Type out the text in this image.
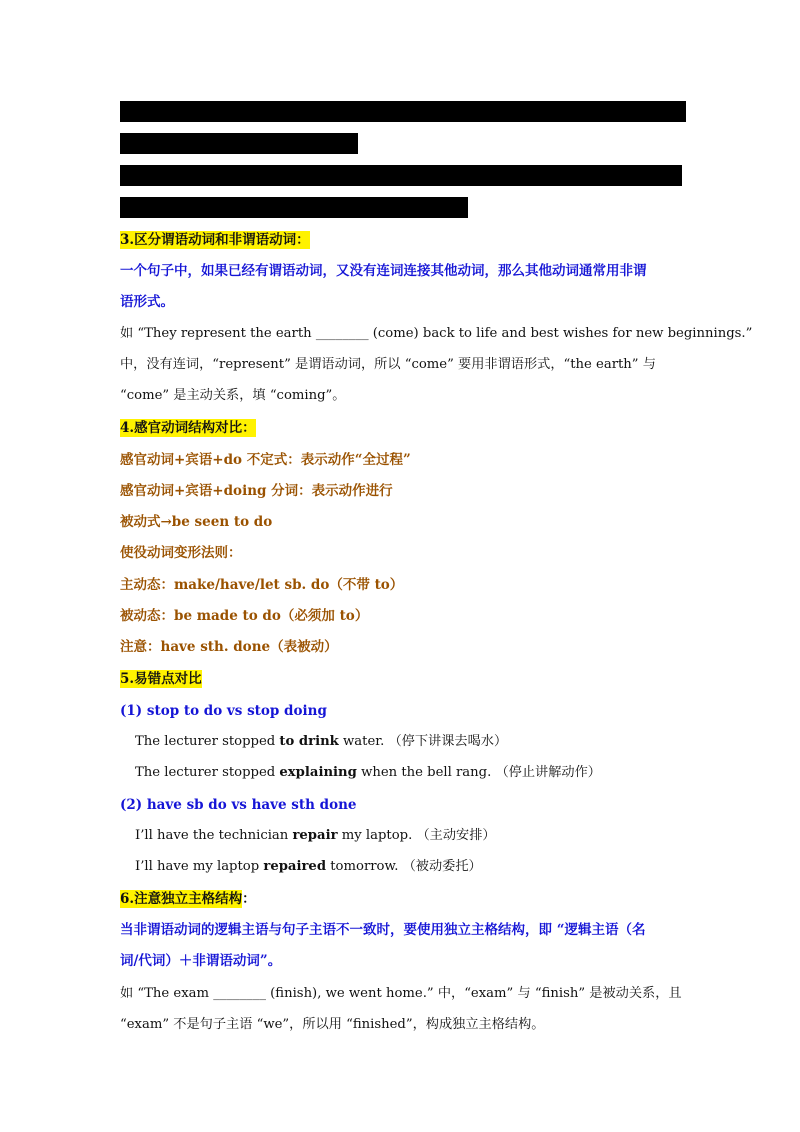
3.区分谓语动词和非谓语动词：
一个句子中，如果已经有谓语动词，又没有连词连接其他动词，那么其他动词通常用非谓
语形式。
如 “They represent the earth ________ (come) back to life and best wishes for new beginnings.”
中，没有连词，“represent” 是谓语动词，所以 “come” 要用非谓语形式，“the earth” 与
“come” 是主动关系，填 “coming”。
4.感官动词结构对比：
感官动词+宾语+do 不定式：表示动作“全过程”
感官动词+宾语+doing 分词：表示动作进行
被动式→be seen to do
使役动词变形法则：
主动态：make/have/let sb. do（不带 to）
被动态：be made to do（必须加 to）
注意：have sth. done（表被动）
5.易错点对比
(1) stop to do vs stop doing
The lecturer stopped to drink water. （停下讲课去喝水）
The lecturer stopped explaining when the bell rang. （停止讲解动作）
(2) have sb do vs have sth done
I’ll have the technician repair my laptop. （主动安排）
I’ll have my laptop repaired tomorrow. （被动委托）
6.注意独立主格结构：
当非谓语动词的逻辑主语与句子主语不一致时，要使用独立主格结构，即 “逻辑主语（名
词/代词）＋非谓语动词”。
如 “The exam ________ (finish), we went home.” 中，“exam” 与 “finish” 是被动关系，且
“exam” 不是句子主语 “we”，所以用 “finished”，构成独立主格结构。
